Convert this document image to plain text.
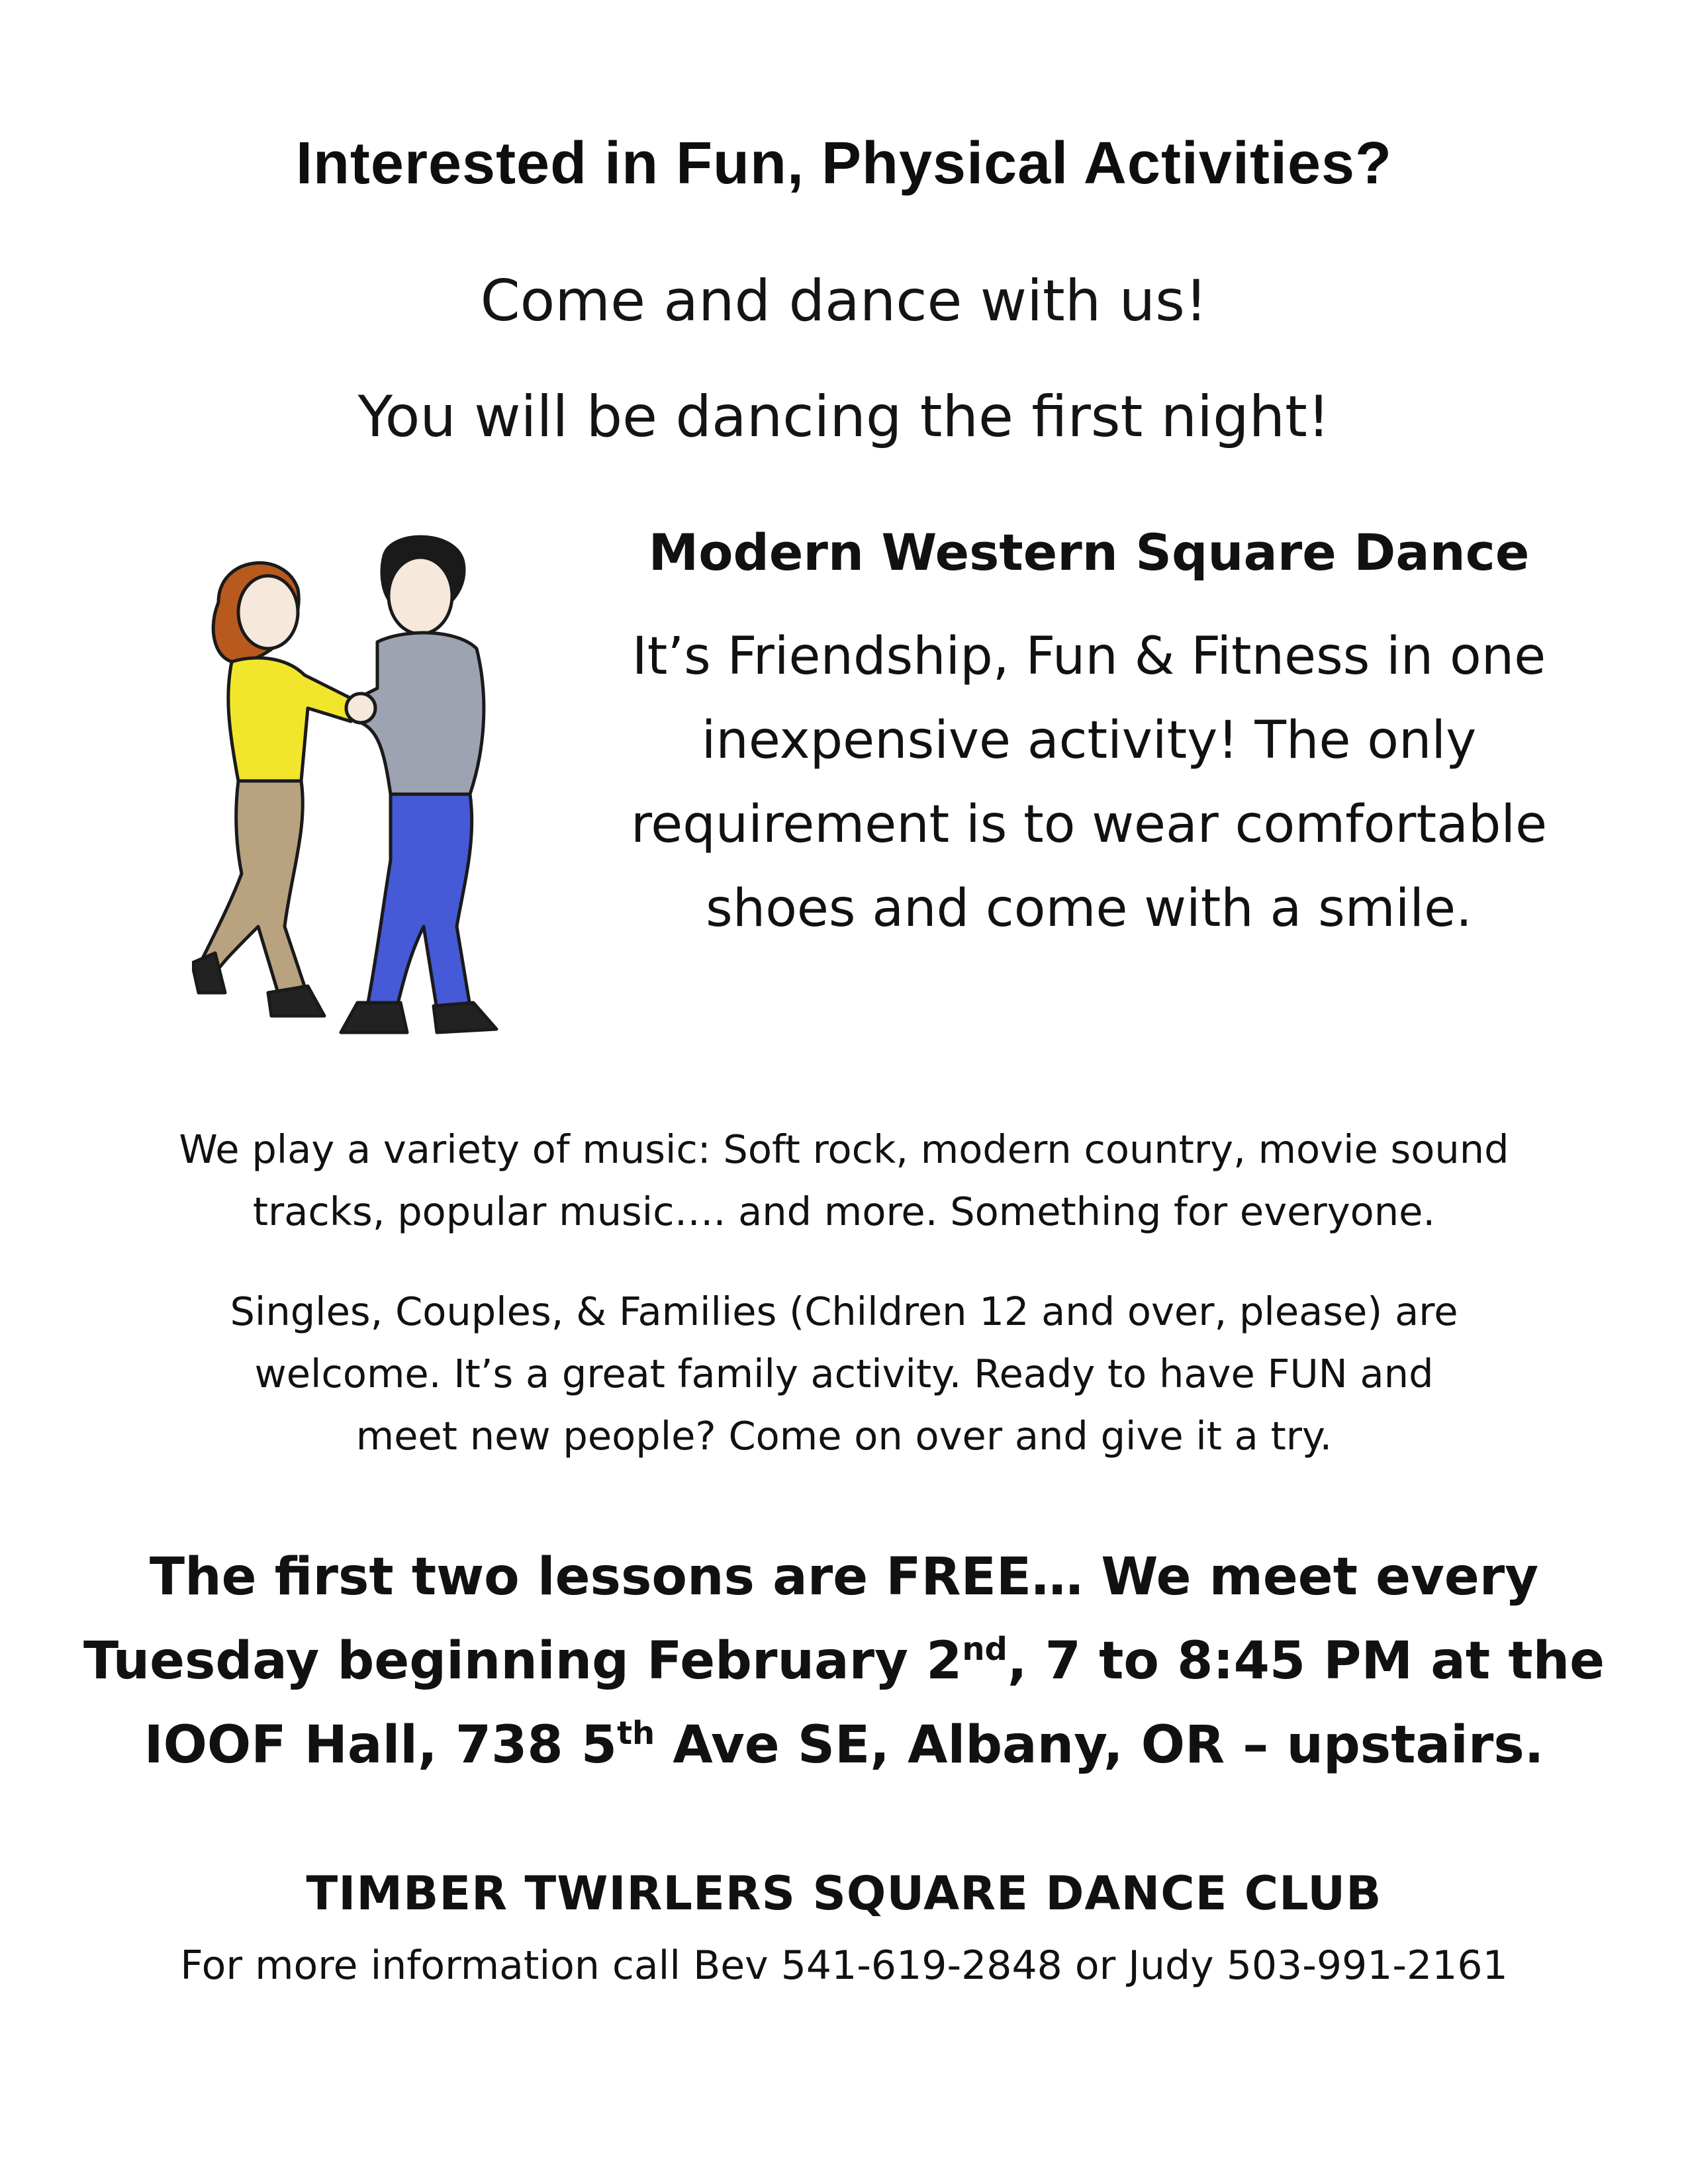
Interested in Fun, Physical Activities?
Come and dance with us!
You will be dancing the first night!

Modern Western Square Dance

It’s Friendship, Fun & Fitness in one inexpensive activity! The only requirement is to wear comfortable shoes and come with a smile.

We play a variety of music: Soft rock, modern country, movie sound

tracks, popular music…. and more. Something for everyone.

Singles, Couples, & Families (Children 12 and over, please) are

welcome. It’s a great family activity. Ready to have FUN and

meet new people? Come on over and give it a try.

The first two lessons are FREE… We meet every

Tuesday beginning February 2nd, 7 to 8:45 PM at the

IOOF Hall, 738 5th Ave SE, Albany, OR – upstairs.

TIMBER TWIRLERS SQUARE DANCE CLUB
For more information call Bev 541-619-2848 or Judy 503-991-2161
